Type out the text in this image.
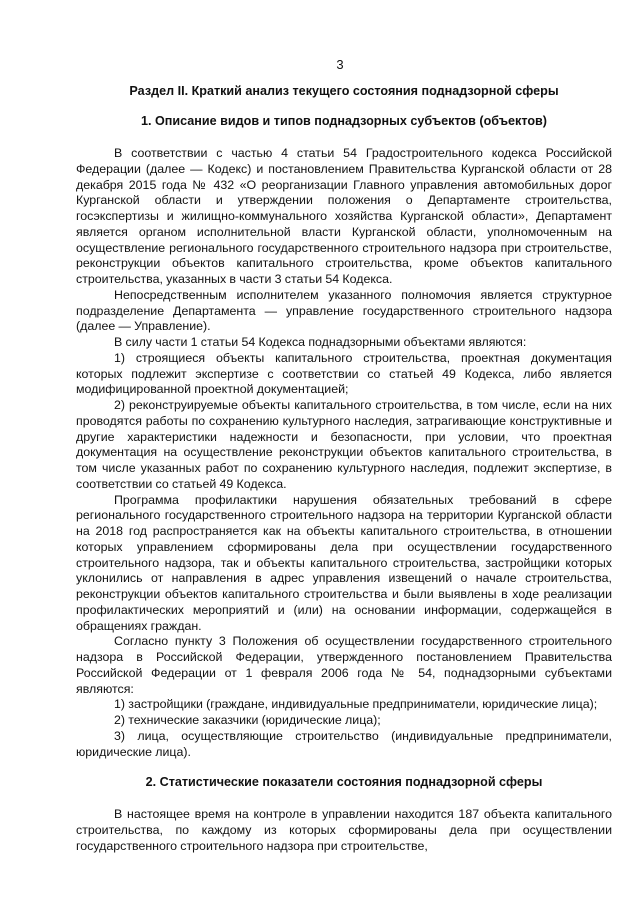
3
Раздел II. Краткий анализ текущего состояния поднадзорной сферы
1. Описание видов и типов поднадзорных субъектов (объектов)

В соответствии с частью 4 статьи 54 Градостроительного кодекса Российской Федерации (далее — Кодекс) и постановлением Правительства Курганской области от 28 декабря 2015 года № 432 «О реорганизации Главного управления автомобильных дорог Курганской области и утверждении положения о Департаменте строительства, госэкспертизы и жилищно-коммунального хозяйства Курганской области», Департамент является органом исполнительной власти Курганской области, уполномоченным на осуществление регионального государственного строительного надзора при строительстве, реконструкции объектов капитального строительства, кроме объектов капитального строительства, указанных в части 3 статьи 54 Кодекса.

Непосредственным исполнителем указанного полномочия является структурное подразделение Департамента — управление государственного строительного надзора (далее — Управление).

В силу части 1 статьи 54 Кодекса поднадзорными объектами являются:

1) строящиеся объекты капитального строительства, проектная документация которых подлежит экспертизе с соответствии со статьей 49 Кодекса, либо является модифицированной проектной документацией;

2) реконструируемые объекты капитального строительства, в том числе, если на них проводятся работы по сохранению культурного наследия, затрагивающие конструктивные и другие характеристики надежности и безопасности, при условии, что проектная документация на осуществление реконструкции объектов капитального строительства, в том числе указанных работ по сохранению культурного наследия, подлежит экспертизе, в соответствии со статьей 49 Кодекса.

Программа профилактики нарушения обязательных требований в сфере регионального государственного строительного надзора на территории Курганской области на 2018 год распространяется как на объекты капитального строительства, в отношении которых управлением сформированы дела при осуществлении государственного строительного надзора, так и объекты капитального строительства, застройщики которых уклонились от направления в адрес управления извещений о начале строительства, реконструкции объектов капитального строительства и были выявлены в ходе реализации профилактических мероприятий и (или) на основании информации, содержащейся в обращениях граждан.

Согласно пункту 3 Положения об осуществлении государственного строительного надзора в Российской Федерации, утвержденного постановлением Правительства Российской Федерации от 1 февраля 2006 года № 54, поднадзорными субъектами являются:

1) застройщики (граждане, индивидуальные предприниматели, юридические лица);

2) технические заказчики (юридические лица);

3) лица, осуществляющие строительство (индивидуальные предприниматели, юридические лица).

2. Статистические показатели состояния поднадзорной сферы

В настоящее время на контроле в управлении находится 187 объекта капитального строительства, по каждому из которых сформированы дела при осуществлении государственного строительного надзора при строительстве,
